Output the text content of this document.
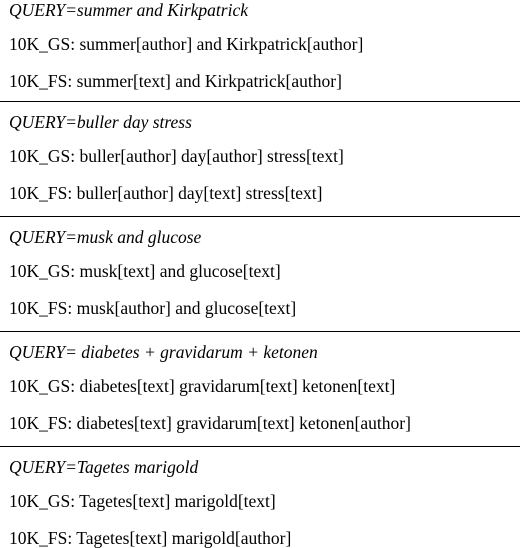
QUERY=summer and Kirkpatrick
10K_GS: summer[author] and Kirkpatrick[author]
10K_FS: summer[text] and Kirkpatrick[author]
QUERY=buller day stress
10K_GS: buller[author] day[author] stress[text]
10K_FS: buller[author] day[text] stress[text]
QUERY=musk and glucose
10K_GS: musk[text] and glucose[text]
10K_FS: musk[author] and glucose[text]
QUERY= diabetes + gravidarum + ketonen
10K_GS: diabetes[text] gravidarum[text] ketonen[text]
10K_FS: diabetes[text] gravidarum[text] ketonen[author]
QUERY=Tagetes marigold
10K_GS: Tagetes[text] marigold[text]
10K_FS: Tagetes[text] marigold[author]
